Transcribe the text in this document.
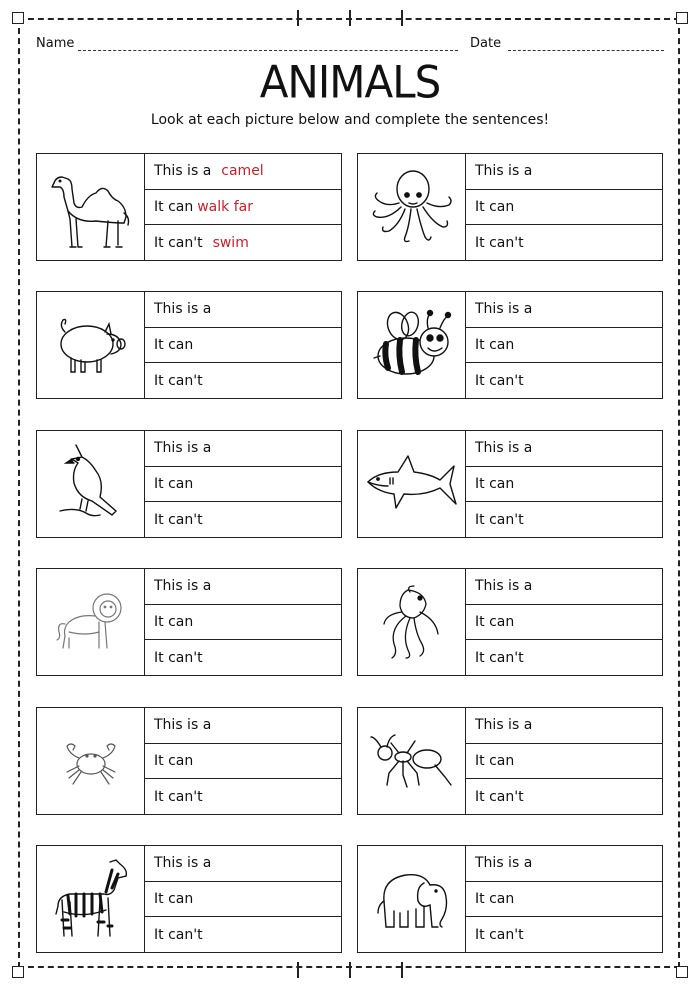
Name	Date
ANIMALS
Look at each picture below and complete the sentences!
This is a camel
It can walk far
It can't swim
This is a
It can
It can't
This is a
It can
It can't
This is a
It can
It can't
This is a
It can
It can't
This is a
It can
It can't
This is a
It can
It can't
This is a
It can
It can't
This is a
It can
It can't
This is a
It can
It can't
This is a
It can
It can't
This is a
It can
It can't
